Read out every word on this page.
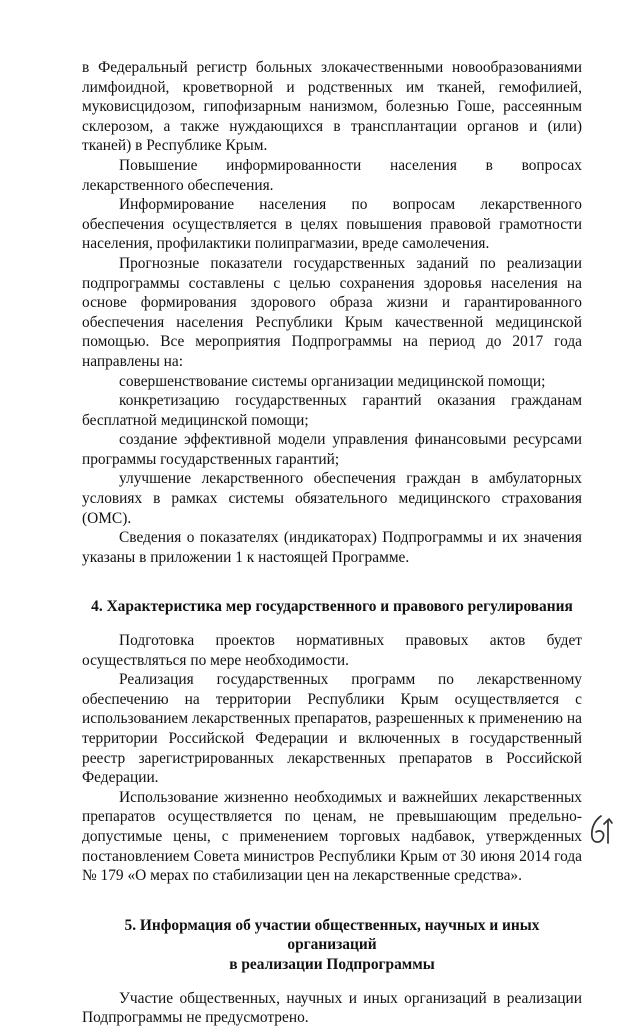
в Федеральный регистр больных злокачественными новообразованиями лимфоидной, кроветворной и родственных им тканей, гемофилией, муковисцидозом, гипофизарным нанизмом, болезнью Гоше, рассеянным склерозом, а также нуждающихся в трансплантации органов и (или) тканей) в Республике Крым.

Повышение информированности населения в вопросах лекарственного обеспечения.

Информирование населения по вопросам лекарственного обеспечения осуществляется в целях повышения правовой грамотности населения, профилактики полипрагмазии, вреде самолечения.

Прогнозные показатели государственных заданий по реализации подпрограммы составлены с целью сохранения здоровья населения на основе формирования здорового образа жизни и гарантированного обеспечения населения Республики Крым качественной медицинской помощью. Все мероприятия Подпрограммы на период до 2017 года направлены на:

совершенствование системы организации медицинской помощи;

конкретизацию государственных гарантий оказания гражданам бесплатной медицинской помощи;

создание эффективной модели управления финансовыми ресурсами программы государственных гарантий;

улучшение лекарственного обеспечения граждан в амбулаторных условиях в рамках системы обязательного медицинского страхования (ОМС).

Сведения о показателях (индикаторах) Подпрограммы и их значения указаны в приложении 1 к настоящей Программе.

4. Характеристика мер государственного и правового регулирования

Подготовка проектов нормативных правовых актов будет осуществляться по мере необходимости.

Реализация государственных программ по лекарственному обеспечению на территории Республики Крым осуществляется с использованием лекарственных препаратов, разрешенных к применению на территории Российской Федерации и включенных в государственный реестр зарегистрированных лекарственных препаратов в Российской Федерации.

Использование жизненно необходимых и важнейших лекарственных препаратов осуществляется по ценам, не превышающим предельно-допустимые цены, с применением торговых надбавок, утвержденных постановлением Совета министров Республики Крым от 30 июня 2014 года № 179 «О мерах по стабилизации цен на лекарственные средства».

5. Информация об участии общественных, научных и иных организаций

в реализации Подпрограммы

Участие общественных, научных и иных организаций в реализации Подпрограммы не предусмотрено.
